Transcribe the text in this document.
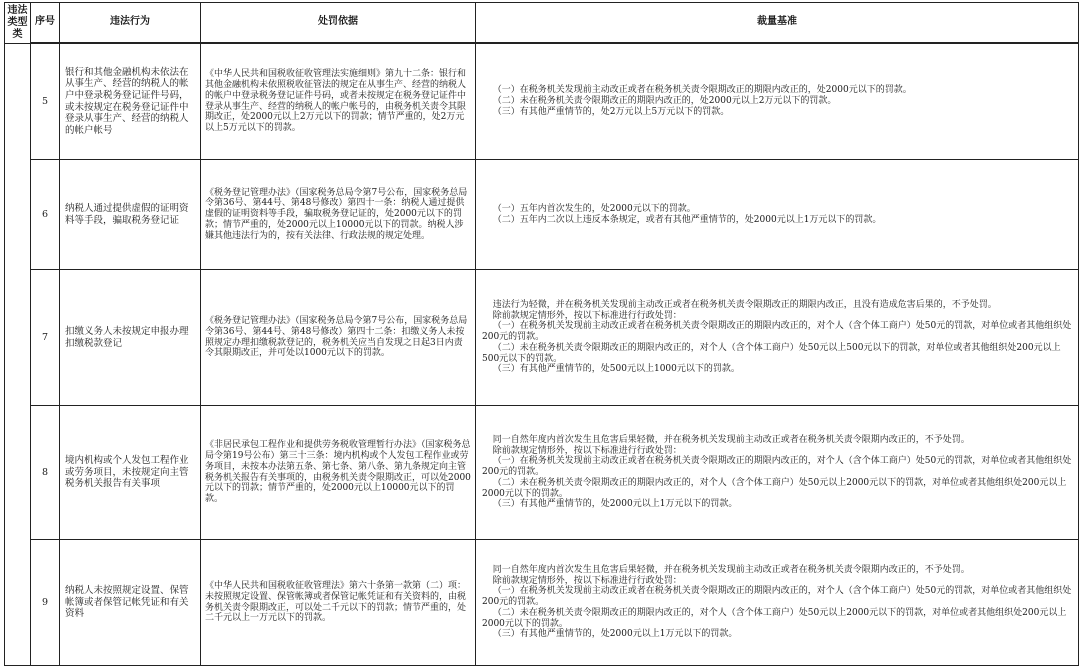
违法
类型
类	序号	违法行为	处罚依据	裁量基准

	5	银行和其他金融机构未依法在从事生产、经营的纳税人的帐户中登录税务登记证件号码，或未按规定在税务登记证件中登录从事生产、经营的纳税人的帐户帐号	《中华人民共和国税收征收管理法实施细则》第九十二条：银行和其他金融机构未依照税收征管法的规定在从事生产、经营的纳税人的帐户中登录税务登记证件号码，或者未按规定在税务登记证件中登录从事生产、经营的纳税人的帐户帐号的，由税务机关责令其限期改正，处2000元以上2万元以下的罚款；情节严重的，处2万元以上5万元以下的罚款。	（一）在税务机关发现前主动改正或者在税务机关责令限期改正的期限内改正的，处2000元以下的罚款。

（二）未在税务机关责令限期改正的期限内改正的，处2000元以上2万元以下的罚款。

（三）有其他严重情节的，处2万元以上5万元以下的罚款。

	6	纳税人通过提供虚假的证明资料等手段，骗取税务登记证	《税务登记管理办法》（国家税务总局令第7号公布，国家税务总局令第36号、第44号、第48号修改）第四十一条：纳税人通过提供虚假的证明资料等手段，骗取税务登记证的，处2000元以下的罚款；情节严重的，处2000元以上10000元以下的罚款。纳税人涉嫌其他违法行为的，按有关法律、行政法规的规定处理。	（一）五年内首次发生的，处2000元以下的罚款。

（二）五年内二次以上违反本条规定，或者有其他严重情节的，处2000元以上1万元以下的罚款。

	7	扣缴义务人未按规定申报办理扣缴税款登记	《税务登记管理办法》（国家税务总局令第7号公布，国家税务总局令第36号、第44号、第48号修改）第四十二条：扣缴义务人未按照规定办理扣缴税款登记的，税务机关应当自发现之日起3日内责令其限期改正，并可处以1000元以下的罚款。	违法行为轻微，并在税务机关发现前主动改正或者在税务机关责令限期改正的期限内改正，且没有造成危害后果的，不予处罚。

除前款规定情形外，按以下标准进行行政处罚：

（一）在税务机关发现前主动改正或者在税务机关责令限期改正的期限内改正的，对个人（含个体工商户）处50元的罚款，对单位或者其他组织处200元的罚款。

（二）未在税务机关责令限期改正的期限内改正的，对个人（含个体工商户）处50元以上500元以下的罚款，对单位或者其他组织处200元以上500元以下的罚款。

（三）有其他严重情节的，处500元以上1000元以下的罚款。

	8	境内机构或个人发包工程作业或劳务项目，未按规定向主管税务机关报告有关事项	《非居民承包工程作业和提供劳务税收管理暂行办法》（国家税务总局令第19号公布）第三十三条：境内机构或个人发包工程作业或劳务项目，未按本办法第五条、第七条、第八条、第九条规定向主管税务机关报告有关事项的，由税务机关责令限期改正，可以处2000元以下的罚款；情节严重的，处2000元以上10000元以下的罚款。	同一自然年度内首次发生且危害后果轻微，并在税务机关发现前主动改正或者在税务机关责令限期内改正的，不予处罚。

除前款规定情形外，按以下标准进行行政处罚：

（一）在税务机关发现前主动改正或者在税务机关责令限期改正的期限内改正的，对个人（含个体工商户）处50元的罚款，对单位或者其他组织处200元的罚款。

（二）未在税务机关责令限期改正的期限内改正的，对个人（含个体工商户）处50元以上2000元以下的罚款，对单位或者其他组织处200元以上2000元以下的罚款。

（三）有其他严重情节的，处2000元以上1万元以下的罚款。

	9	纳税人未按照规定设置、保管帐簿或者保管记帐凭证和有关资料	《中华人民共和国税收征收管理法》第六十条第一款第（二）项：未按照规定设置、保管帐簿或者保管记帐凭证和有关资料的，由税务机关责令限期改正，可以处二千元以下的罚款；情节严重的，处二千元以上一万元以下的罚款。	同一自然年度内首次发生且危害后果轻微，并在税务机关发现前主动改正或者在税务机关责令限期内改正的，不予处罚。

除前款规定情形外，按以下标准进行行政处罚：

（一）在税务机关发现前主动改正或者在税务机关责令限期改正的期限内改正的，对个人（含个体工商户）处50元的罚款，对单位或者其他组织处200元的罚款。

（二）未在税务机关责令限期改正的期限内改正的，对个人（含个体工商户）处50元以上2000元以下的罚款，对单位或者其他组织处200元以上2000元以下的罚款。

（三）有其他严重情节的，处2000元以上1万元以下的罚款。
